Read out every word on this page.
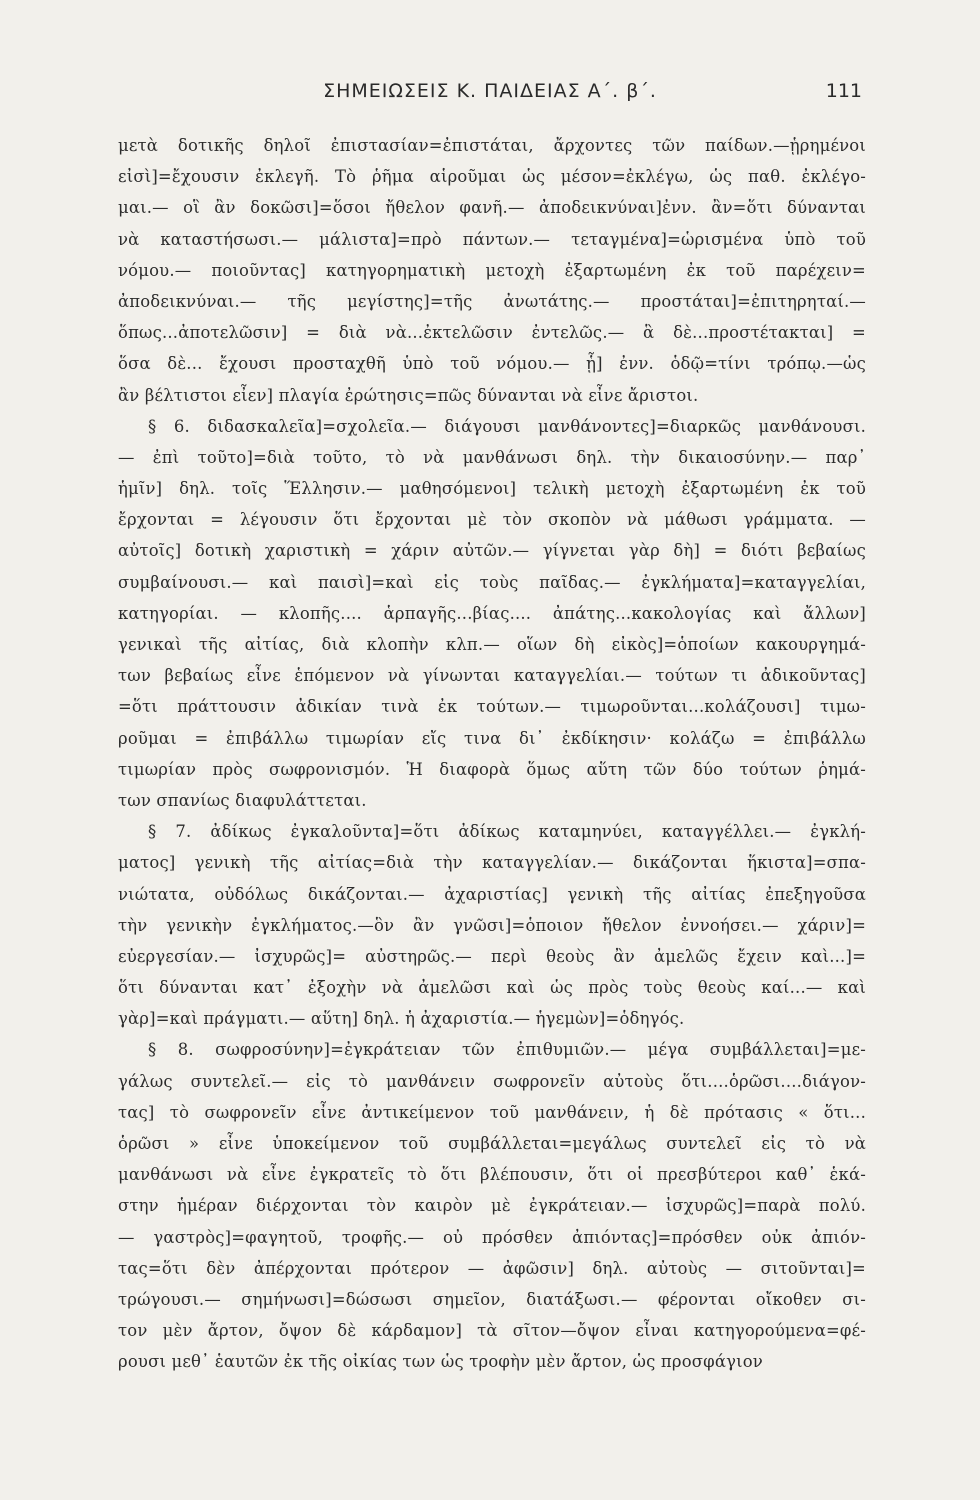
ΣΗΜΕΙΩΣΕΙΣ Κ. ΠΑΙΔΕΙΑΣ Α΄. β΄.	111
μετὰ δοτικῆς δηλοῖ ἐπιστασίαν=ἐπιστάται, ἄρχοντες τῶν παίδων.—ᾑρημένοι
εἰσὶ]=ἔχουσιν ἐκλεγῆ. Τὸ ῥῆμα αἱροῦμαι ὡς μέσον=ἐκλέγω, ὡς παθ. ἐκλέγο-
μαι.— οἳ ἂν δοκῶσι]=ὅσοι ἤθελον φανῆ.— ἀποδεικνύναι]ἐνν. ἂν=ὅτι δύνανται
νὰ καταστήσωσι.— μάλιστα]=πρὸ πάντων.— τεταγμένα]=ὡρισμένα ὑπὸ τοῦ
νόμου.— ποιοῦντας] κατηγορηματικὴ μετοχὴ ἐξαρτωμένη ἐκ τοῦ παρέχειν=
ἀποδεικνύναι.— τῆς μεγίστης]=τῆς ἀνωτάτης.— προστάται]=ἐπιτηρηταί.—
ὅπως...ἀποτελῶσιν] = διὰ νὰ...ἐκτελῶσιν ἐντελῶς.— ἃ δὲ...προστέτακται] =
ὅσα δὲ... ἔχουσι προσταχθῆ ὑπὸ τοῦ νόμου.— ᾗ] ἐνν. ὁδῷ=τίνι τρόπῳ.—ὡς
ἂν βέλτιστοι εἶεν] πλαγία ἐρώτησις=πῶς δύνανται νὰ εἶνε ἄριστοι.
§ 6. διδασκαλεῖα]=σχολεῖα.— διάγουσι μανθάνοντες]=διαρκῶς μανθάνουσι.
— ἐπὶ τοῦτο]=διὰ τοῦτο, τὸ νὰ μανθάνωσι δηλ. τὴν δικαιοσύνην.— παρ᾽
ἡμῖν] δηλ. τοῖς Ἕλλησιν.— μαθησόμενοι] τελικὴ μετοχὴ ἐξαρτωμένη ἐκ τοῦ
ἔρχονται = λέγουσιν ὅτι ἔρχονται μὲ τὸν σκοπὸν νὰ μάθωσι γράμματα. —
αὐτοῖς] δοτικὴ χαριστικὴ = χάριν αὐτῶν.— γίγνεται γὰρ δὴ] = διότι βεβαίως
συμβαίνουσι.— καὶ παισὶ]=καὶ εἰς τοὺς παῖδας.— ἐγκλήματα]=καταγγελίαι,
κατηγορίαι. — κλοπῆς.... ἁρπαγῆς...βίας.... ἀπάτης...κακολογίας καὶ ἄλλων]
γενικαὶ τῆς αἰτίας, διὰ κλοπὴν κλπ.— οἵων δὴ εἰκὸς]=ὁποίων κακουργημά-
των βεβαίως εἶνε ἑπόμενον νὰ γίνωνται καταγγελίαι.— τούτων τι ἀδικοῦντας]
=ὅτι πράττουσιν ἀδικίαν τινὰ ἐκ τούτων.— τιμωροῦνται...κολάζουσι] τιμω-
ροῦμαι = ἐπιβάλλω τιμωρίαν εἴς τινα δι᾽ ἐκδίκησιν· κολάζω = ἐπιβάλλω
τιμωρίαν πρὸς σωφρονισμόν. Ἡ διαφορὰ ὅμως αὕτη τῶν δύο τούτων ῥημά-
των σπανίως διαφυλάττεται.
§ 7. ἀδίκως ἐγκαλοῦντα]=ὅτι ἀδίκως καταμηνύει, καταγγέλλει.— ἐγκλή-
ματος] γενικὴ τῆς αἰτίας=διὰ τὴν καταγγελίαν.— δικάζονται ἥκιστα]=σπα-
νιώτατα, οὐδόλως δικάζονται.— ἀχαριστίας] γενικὴ τῆς αἰτίας ἐπεξηγοῦσα
τὴν γενικὴν ἐγκλήματος.—ὃν ἂν γνῶσι]=ὁποιον ἤθελον ἐννοήσει.— χάριν]=
εὐεργεσίαν.— ἰσχυρῶς]= αὐστηρῶς.— περὶ θεοὺς ἂν ἀμελῶς ἔχειν καὶ...]=
ὅτι δύνανται κατ᾽ ἐξοχὴν νὰ ἀμελῶσι καὶ ὡς πρὸς τοὺς θεοὺς καί...— καὶ
γὰρ]=καὶ πράγματι.— αὕτη] δηλ. ἡ ἀχαριστία.— ἡγεμὼν]=ὁδηγός.
§ 8. σωφροσύνην]=ἐγκράτειαν τῶν ἐπιθυμιῶν.— μέγα συμβάλλεται]=με-
γάλως συντελεῖ.— εἰς τὸ μανθάνειν σωφρονεῖν αὐτοὺς ὅτι....ὁρῶσι....διάγον-
τας] τὸ σωφρονεῖν εἶνε ἀντικείμενον τοῦ μανθάνειν, ἡ δὲ πρότασις « ὅτι...
ὁρῶσι » εἶνε ὑποκείμενον τοῦ συμβάλλεται=μεγάλως συντελεῖ εἰς τὸ νὰ
μανθάνωσι νὰ εἶνε ἐγκρατεῖς τὸ ὅτι βλέπουσιν, ὅτι οἱ πρεσβύτεροι καθ᾽ ἑκά-
στην ἡμέραν διέρχονται τὸν καιρὸν μὲ ἐγκράτειαν.— ἰσχυρῶς]=παρὰ πολύ.
— γαστρὸς]=φαγητοῦ, τροφῆς.— οὐ πρόσθεν ἀπιόντας]=πρόσθεν οὐκ ἀπιόν-
τας=ὅτι δὲν ἀπέρχονται πρότερον — ἀφῶσιν] δηλ. αὐτοὺς — σιτοῦνται]=
τρώγουσι.— σημήνωσι]=δώσωσι σημεῖον, διατάξωσι.— φέρονται οἴκοθεν σι-
τον μὲν ἄρτον, ὄψον δὲ κάρδαμον] τὰ σῖτον—ὄψον εἶναι κατηγορούμενα=φέ-
ρουσι μεθ᾽ ἑαυτῶν ἐκ τῆς οἰκίας των ὡς τροφὴν μὲν ἄρτον, ὡς προσφάγιον
